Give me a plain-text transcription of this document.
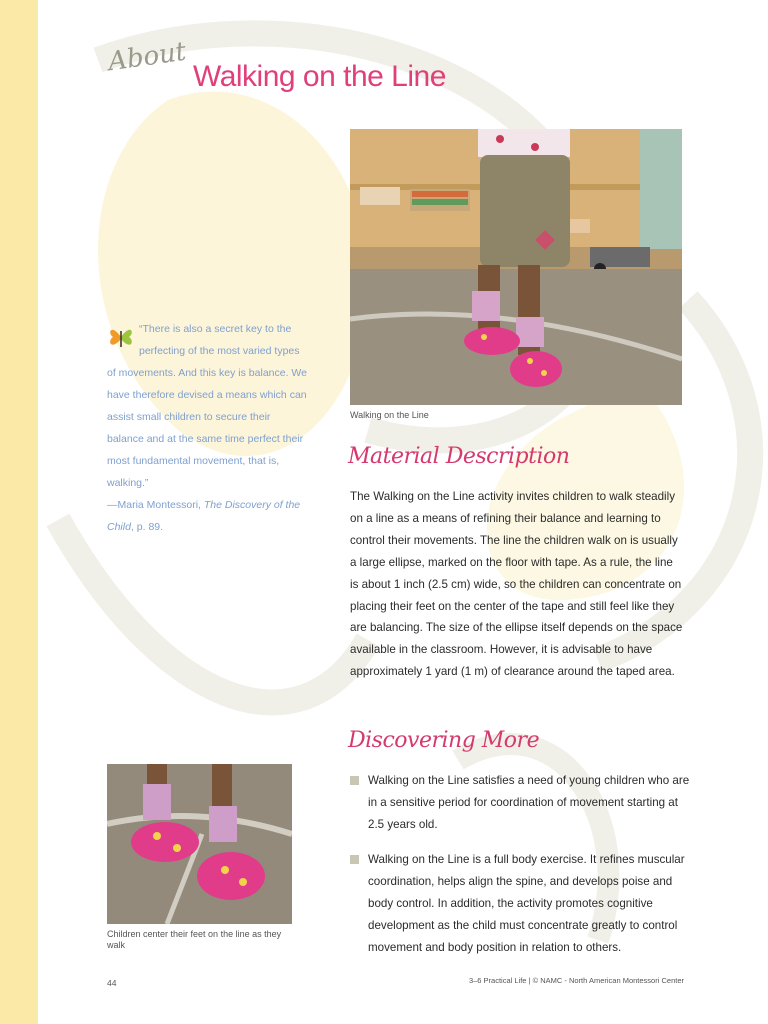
About Walking on the Line
Walking on the Line
“There is also a secret key to the perfecting of the most varied types of movements. And this key is balance. We have therefore devised a means which can assist small children to secure their balance and at the same time perfect their most fundamental movement, that is, walking.”
—Maria Montessori, The Discovery of the Child, p. 89.
Material Description
The Walking on the Line activity invites children to walk steadily on a line as a means of refining their balance and learning to control their movements. The line the children walk on is usually a large ellipse, marked on the floor with tape. As a rule, the line is about 1 inch (2.5 cm) wide, so the children can concentrate on placing their feet on the center of the tape and still feel like they are balancing. The size of the ellipse itself depends on the space available in the classroom. However, it is advisable to have approximately 1 yard (1 m) of clearance around the taped area.
Discovering More
Walking on the Line satisfies a need of young children who are in a sensitive period for coordination of movement starting at 2.5 years old.
Walking on the Line is a full body exercise. It refines muscular coordination, helps align the spine, and develops poise and body control. In addition, the activity promotes cognitive development as the child must concentrate greatly to control movement and body position in relation to others.
Children center their feet on the line as they walk
44	3–6 Practical Life | © NAMC - North American Montessori Center
